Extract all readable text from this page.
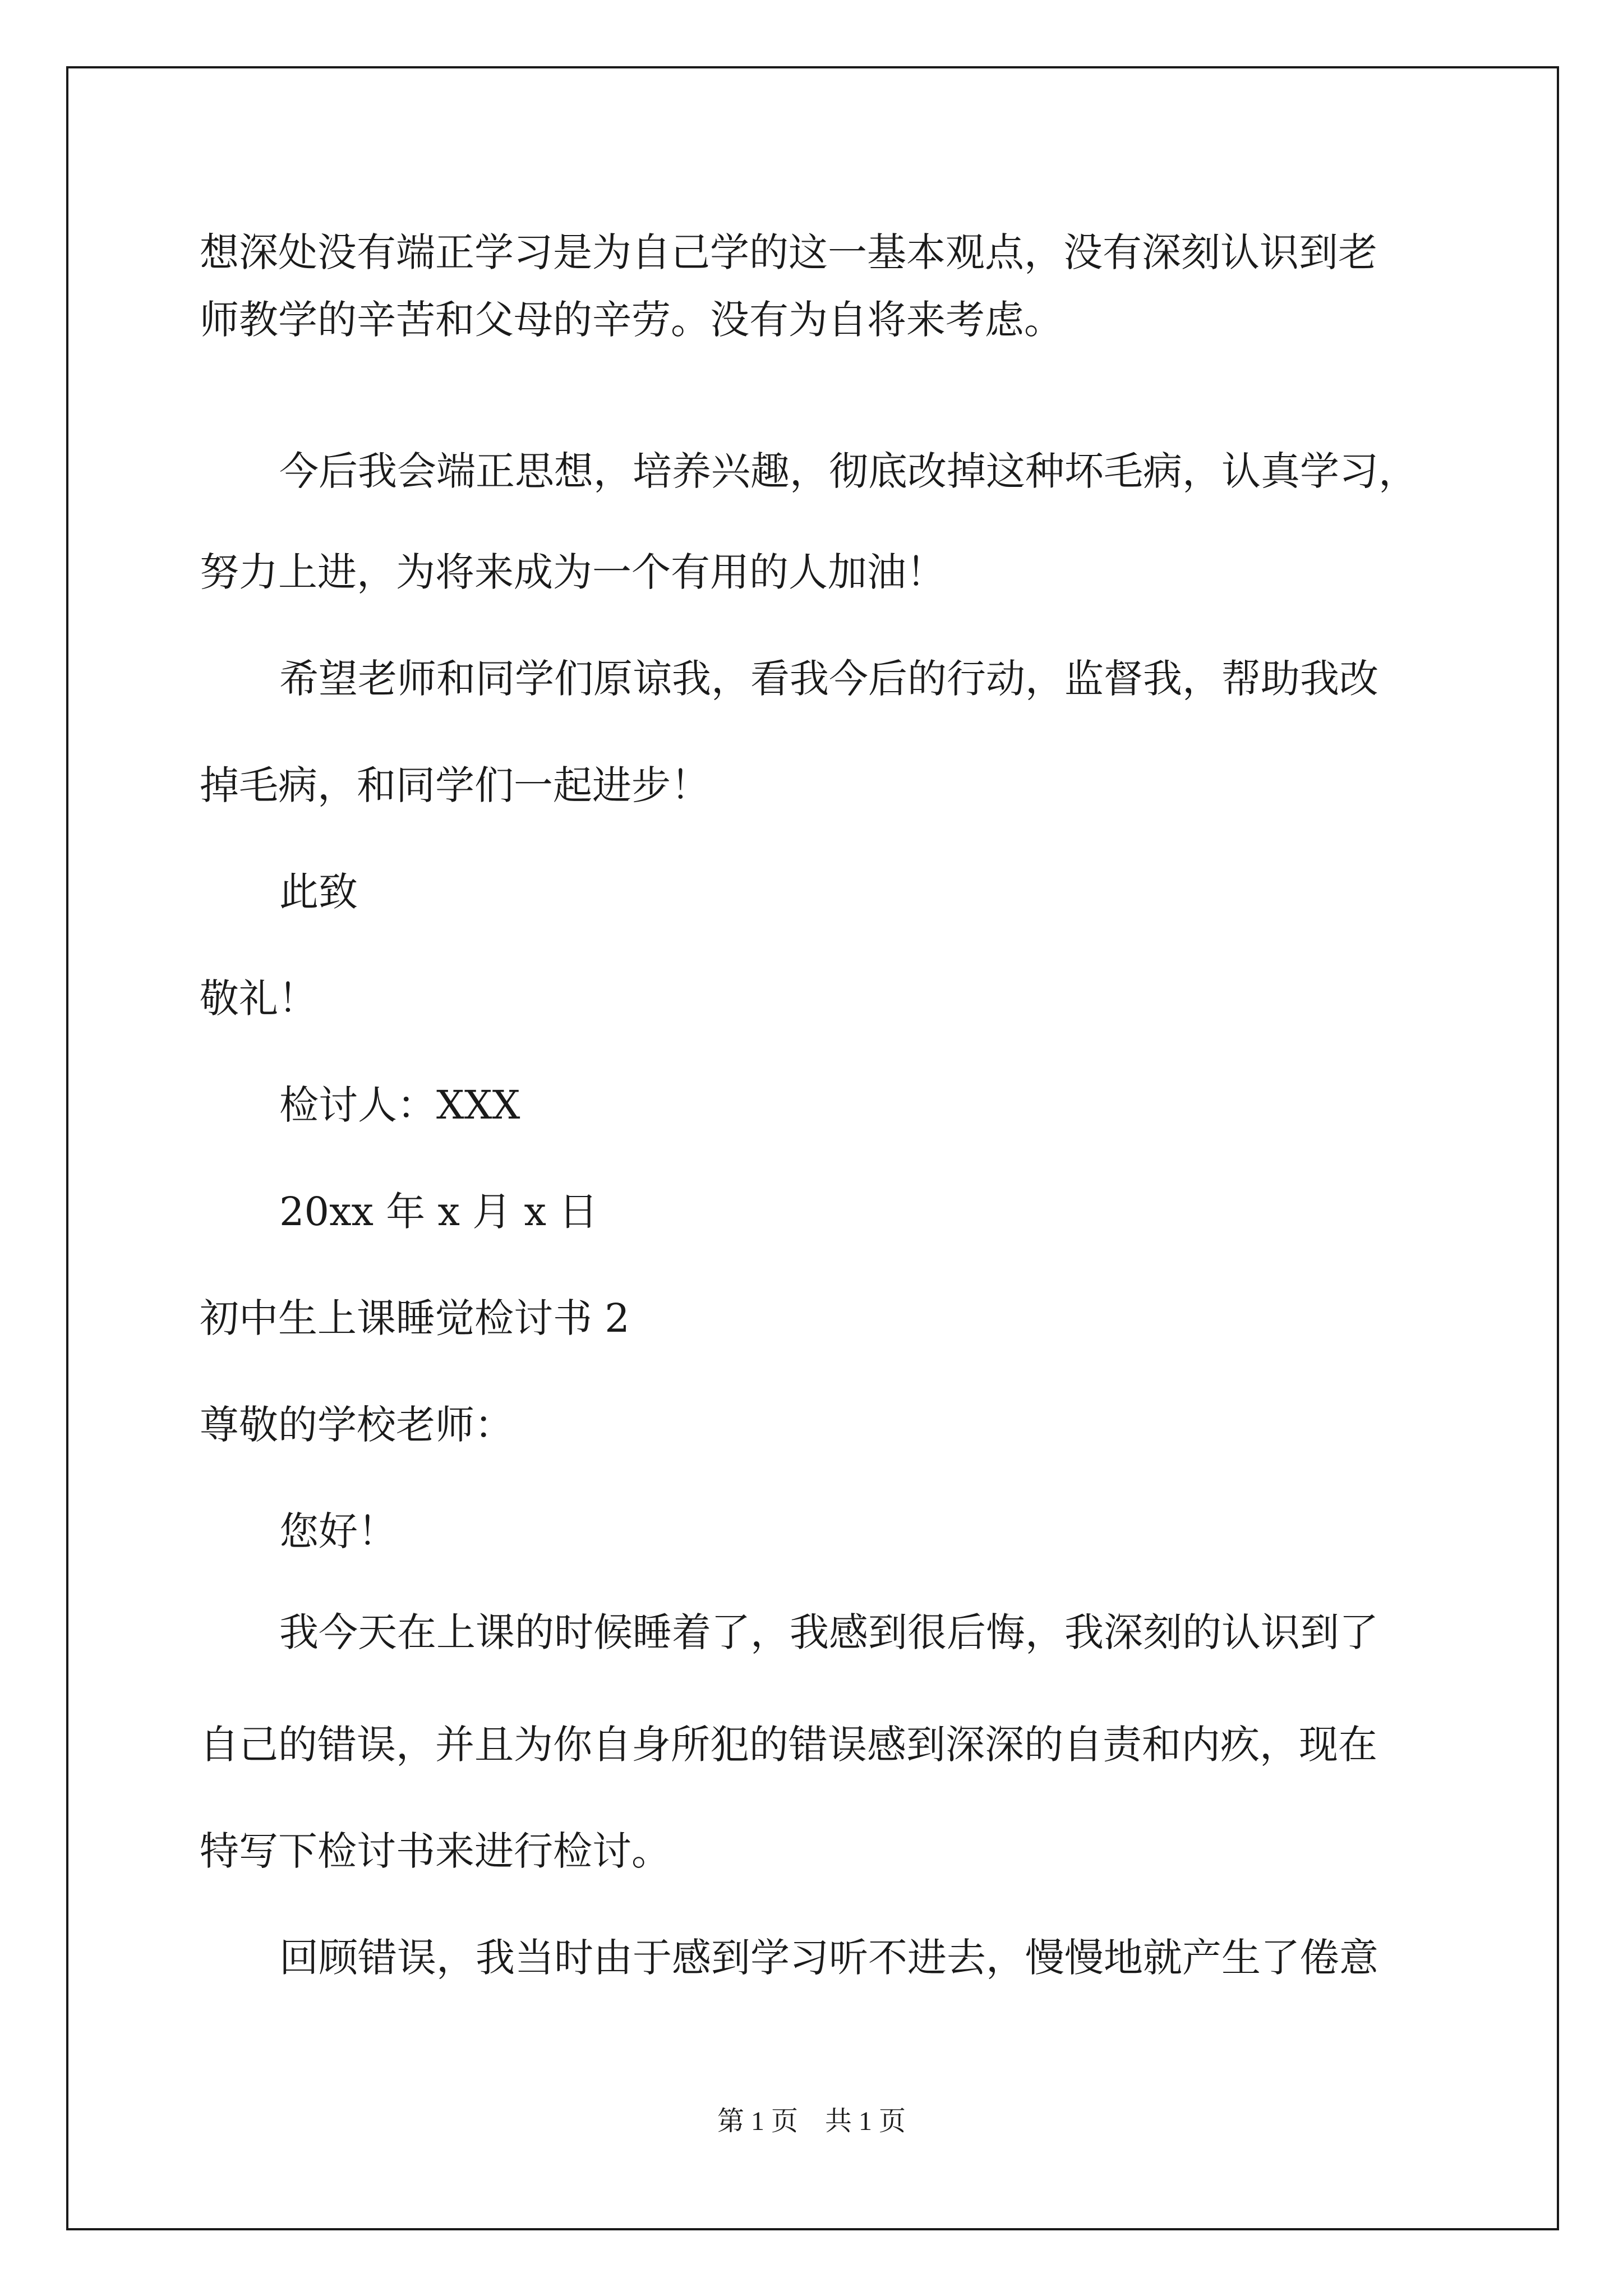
想深处没有端正学习是为自己学的这一基本观点，没有深刻认识到老
师教学的辛苦和父母的辛劳。没有为自将来考虑。
今后我会端正思想，培养兴趣，彻底改掉这种坏毛病，认真学习，
努力上进，为将来成为一个有用的人加油！
希望老师和同学们原谅我，看我今后的行动，监督我，帮助我改
掉毛病，和同学们一起进步！
此致
敬礼！
检讨人：XXX
20xx 年 x 月 x 日
初中生上课睡觉检讨书 2
尊敬的学校老师：
您好！
我今天在上课的时候睡着了，我感到很后悔，我深刻的认识到了
自己的错误，并且为你自身所犯的错误感到深深的自责和内疚，现在
特写下检讨书来进行检讨。
回顾错误，我当时由于感到学习听不进去，慢慢地就产生了倦意
第 1 页　共 1 页
